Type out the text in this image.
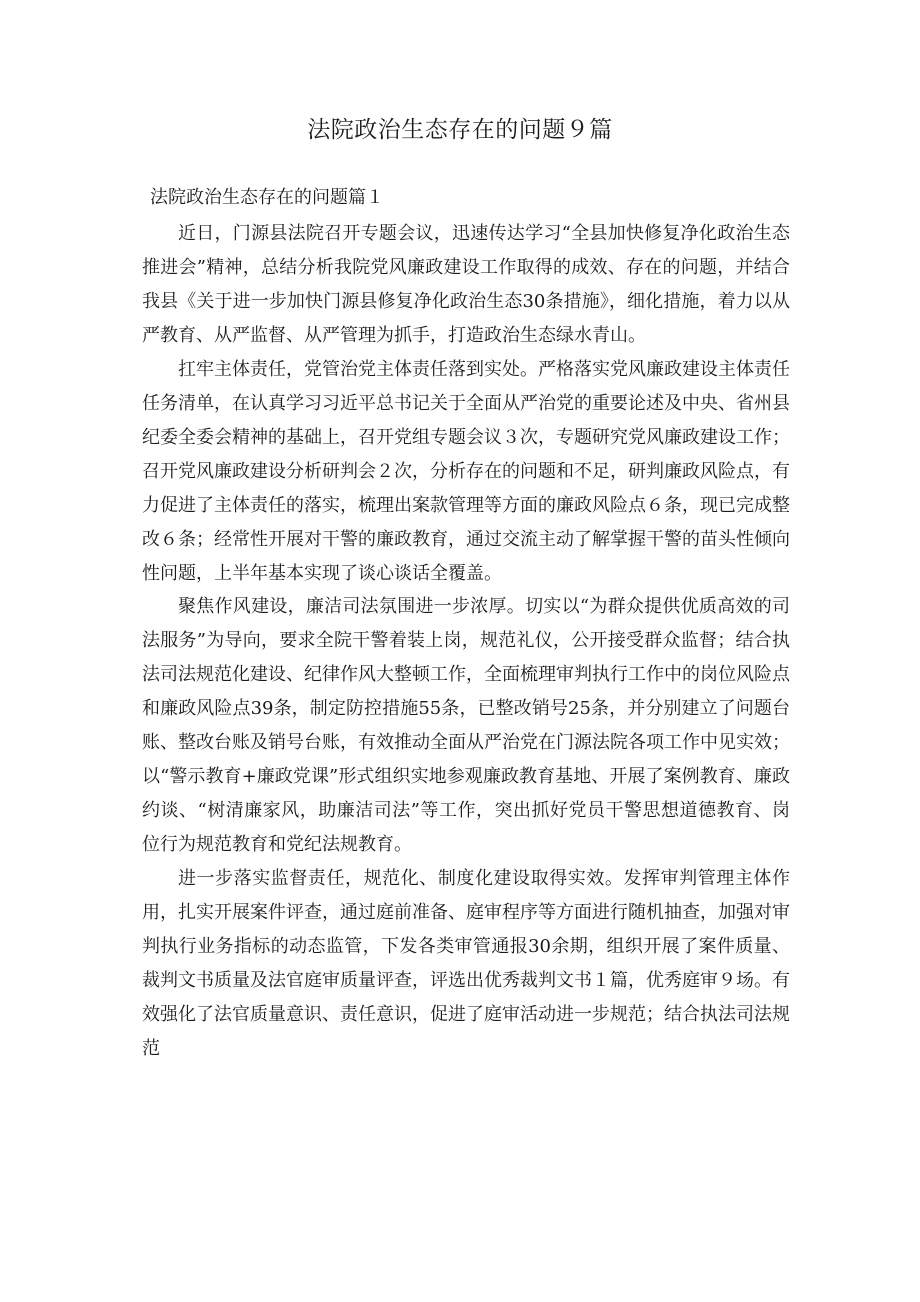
法院政治生态存在的问题９篇
法院政治生态存在的问题篇１

近日，门源县法院召开专题会议，迅速传达学习“全县加快修复净化政治生态推进会”精神，总结分析我院党风廉政建设工作取得的成效、存在的问题，并结合我县《关于进一步加快门源县修复净化政治生态30条措施》，细化措施，着力以从严教育、从严监督、从严管理为抓手，打造政治生态绿水青山。

扛牢主体责任，党管治党主体责任落到实处。严格落实党风廉政建设主体责任任务清单，在认真学习习近平总书记关于全面从严治党的重要论述及中央、省州县纪委全委会精神的基础上，召开党组专题会议３次，专题研究党风廉政建设工作；召开党风廉政建设分析研判会２次，分析存在的问题和不足，研判廉政风险点，有力促进了主体责任的落实，梳理出案款管理等方面的廉政风险点６条，现已完成整改６条；经常性开展对干警的廉政教育，通过交流主动了解掌握干警的苗头性倾向性问题，上半年基本实现了谈心谈话全覆盖。

聚焦作风建设，廉洁司法氛围进一步浓厚。切实以“为群众提供优质高效的司法服务”为导向，要求全院干警着装上岗，规范礼仪，公开接受群众监督；结合执法司法规范化建设、纪律作风大整顿工作，全面梳理审判执行工作中的岗位风险点和廉政风险点39条，制定防控措施55条，已整改销号25条，并分别建立了问题台账、整改台账及销号台账，有效推动全面从严治党在门源法院各项工作中见实效；以“警示教育+廉政党课”形式组织实地参观廉政教育基地、开展了案例教育、廉政约谈、“树清廉家风，助廉洁司法”等工作，突出抓好党员干警思想道德教育、岗位行为规范教育和党纪法规教育。

进一步落实监督责任，规范化、制度化建设取得实效。发挥审判管理主体作用，扎实开展案件评查，通过庭前准备、庭审程序等方面进行随机抽查，加强对审判执行业务指标的动态监管，下发各类审管通报30余期，组织开展了案件质量、裁判文书质量及法官庭审质量评查，评选出优秀裁判文书１篇，优秀庭审９场。有效强化了法官质量意识、责任意识，促进了庭审活动进一步规范；结合执法司法规范
